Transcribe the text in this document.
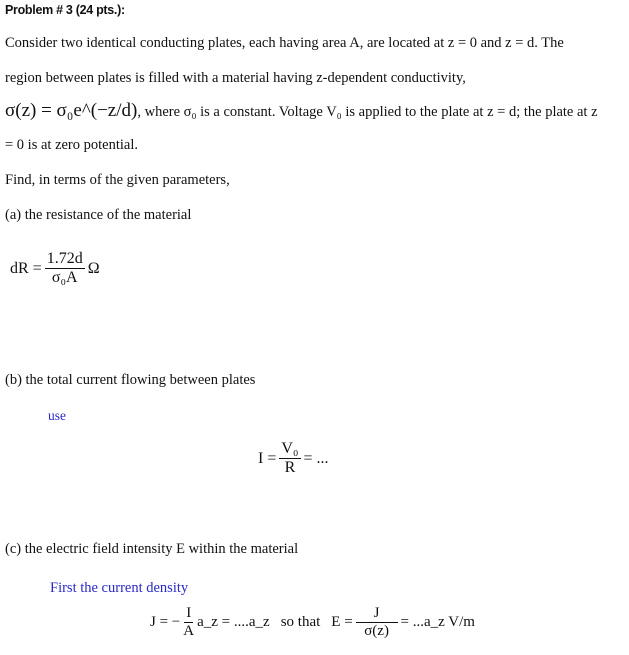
Problem # 3 (24 pts.):
Consider two identical conducting plates, each having area A, are located at z = 0 and z = d. The
region between plates is filled with a material having z-dependent conductivity,
σ(z) = σ₀e^(−z/d), where σ₀ is a constant. Voltage V₀ is applied to the plate at z = d; the plate at z
= 0 is at zero potential.
Find, in terms of the given parameters,
(a) the resistance of the material
dR = $\frac{1.72d}{\text{σ₀A}}$ Ω
(b) the total current flowing between plates
use
$I = \frac{\text{V₀}}{R}$ = ...
(c) the electric field intensity E within the material
First the current density
J = − $\frac{I}{A}$ a_z = ....a_z so that $E = \frac{J}{\sigma(z)}$ = ...a_z V/m
